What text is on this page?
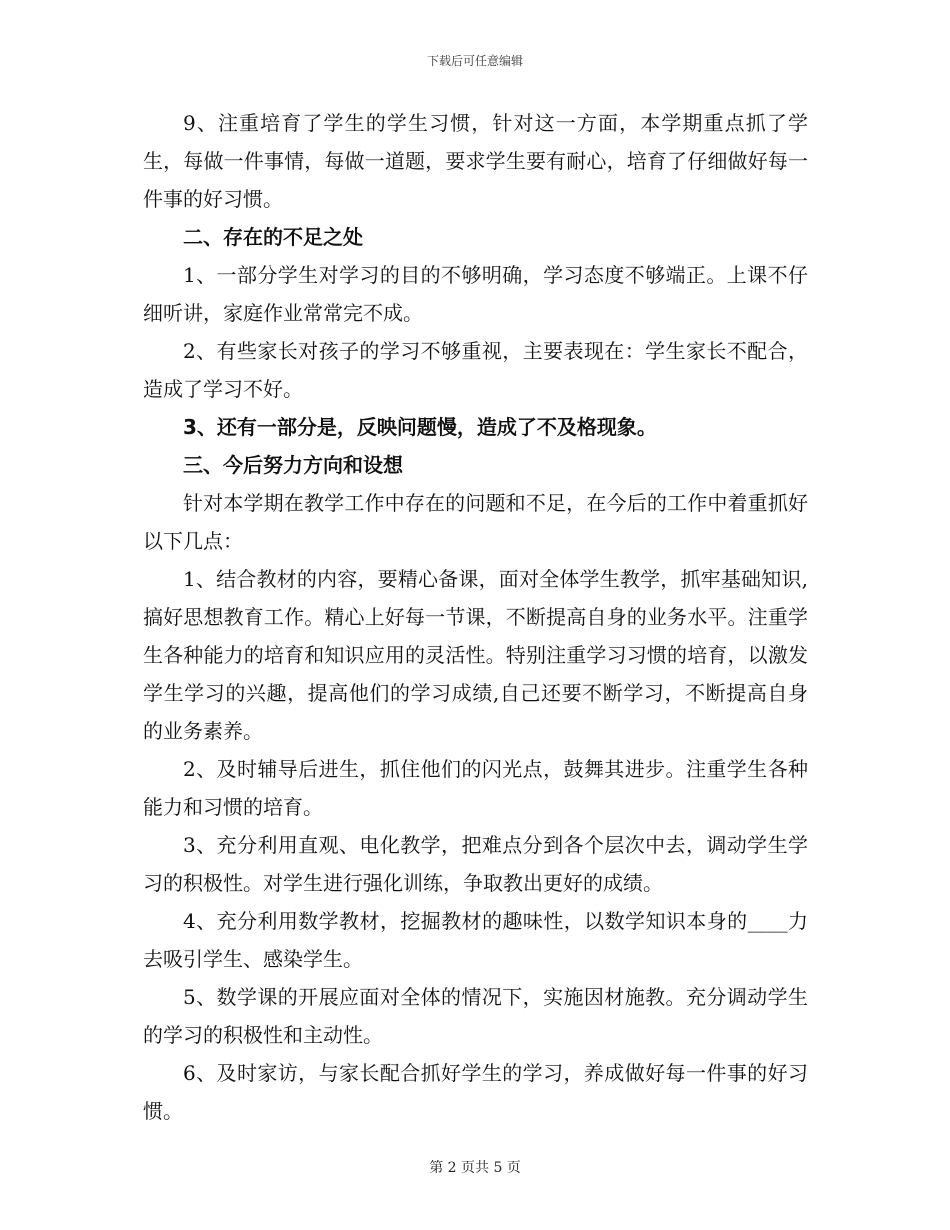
下载后可任意编辑

9、注重培育了学生的学生习惯，针对这一方面，本学期重点抓了学生，每做一件事情，每做一道题，要求学生要有耐心，培育了仔细做好每一件事的好习惯。

二、存在的不足之处

1、一部分学生对学习的目的不够明确，学习态度不够端正。上课不仔细听讲，家庭作业常常完不成。

2、有些家长对孩子的学习不够重视，主要表现在：学生家长不配合，造成了学习不好。

3、还有一部分是，反映问题慢，造成了不及格现象。

三、今后努力方向和设想

针对本学期在教学工作中存在的问题和不足，在今后的工作中着重抓好以下几点：

1、结合教材的内容，要精心备课，面对全体学生教学，抓牢基础知识,搞好思想教育工作。精心上好每一节课，不断提高自身的业务水平。注重学生各种能力的培育和知识应用的灵活性。特别注重学习习惯的培育，以激发学生学习的兴趣，提高他们的学习成绩,自己还要不断学习，不断提高自身的业务素养。

2、及时辅导后进生，抓住他们的闪光点，鼓舞其进步。注重学生各种能力和习惯的培育。

3、充分利用直观、电化教学，把难点分到各个层次中去，调动学生学习的积极性。对学生进行强化训练，争取教出更好的成绩。

4、充分利用数学教材，挖掘教材的趣味性，以数学知识本身的____力去吸引学生、感染学生。

5、数学课的开展应面对全体的情况下，实施因材施教。充分调动学生的学习的积极性和主动性。

6、及时家访，与家长配合抓好学生的学习，养成做好每一件事的好习惯。

第 2 页共 5 页
